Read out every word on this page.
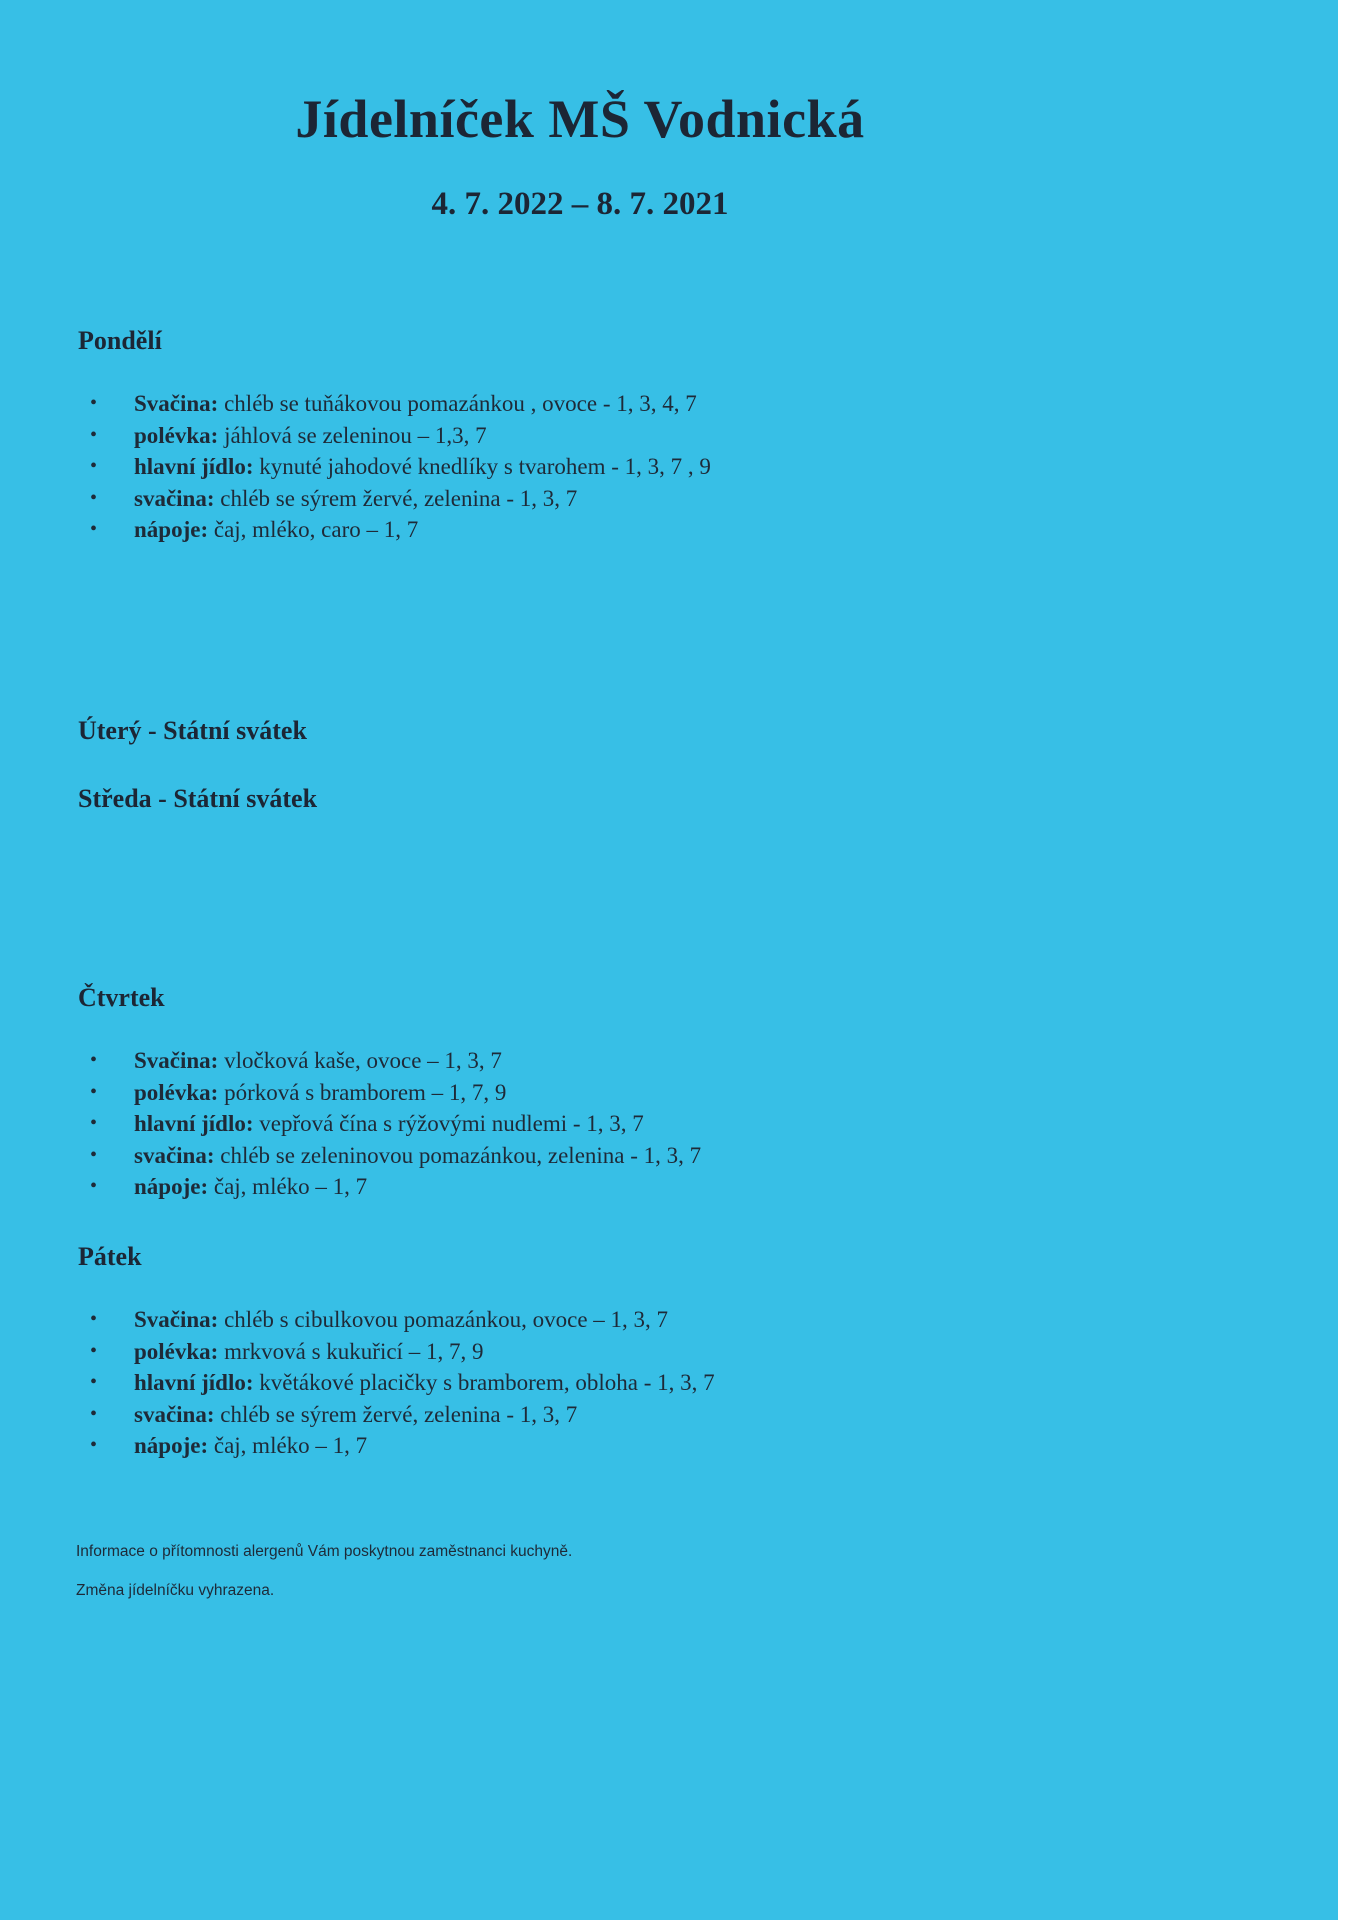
Jídelníček MŠ Vodnická
4. 7. 2022 – 8. 7. 2021
Pondělí
• Svačina: chléb se tuňákovou pomazánkou , ovoce - 1, 3, 4, 7
• polévka: jáhlová se zeleninou – 1,3, 7
• hlavní jídlo: kynuté jahodové knedlíky s tvarohem - 1, 3, 7 , 9
• svačina: chléb se sýrem žervé, zelenina - 1, 3, 7
• nápoje: čaj, mléko, caro – 1, 7
Úterý - Státní svátek
Středa - Státní svátek
Čtvrtek
• Svačina: vločková kaše, ovoce – 1, 3, 7
• polévka: pórková s bramborem – 1, 7, 9
• hlavní jídlo: vepřová čína s rýžovými nudlemi - 1, 3, 7
• svačina: chléb se zeleninovou pomazánkou, zelenina - 1, 3, 7
• nápoje: čaj, mléko – 1, 7
Pátek
• Svačina: chléb s cibulkovou pomazánkou, ovoce – 1, 3, 7
• polévka: mrkvová s kukuřicí – 1, 7, 9
• hlavní jídlo: květákové placičky s bramborem, obloha - 1, 3, 7
• svačina: chléb se sýrem žervé, zelenina - 1, 3, 7
• nápoje: čaj, mléko – 1, 7

Informace o přítomnosti alergenů Vám poskytnou zaměstnanci kuchyně.

Změna jídelníčku vyhrazena.
